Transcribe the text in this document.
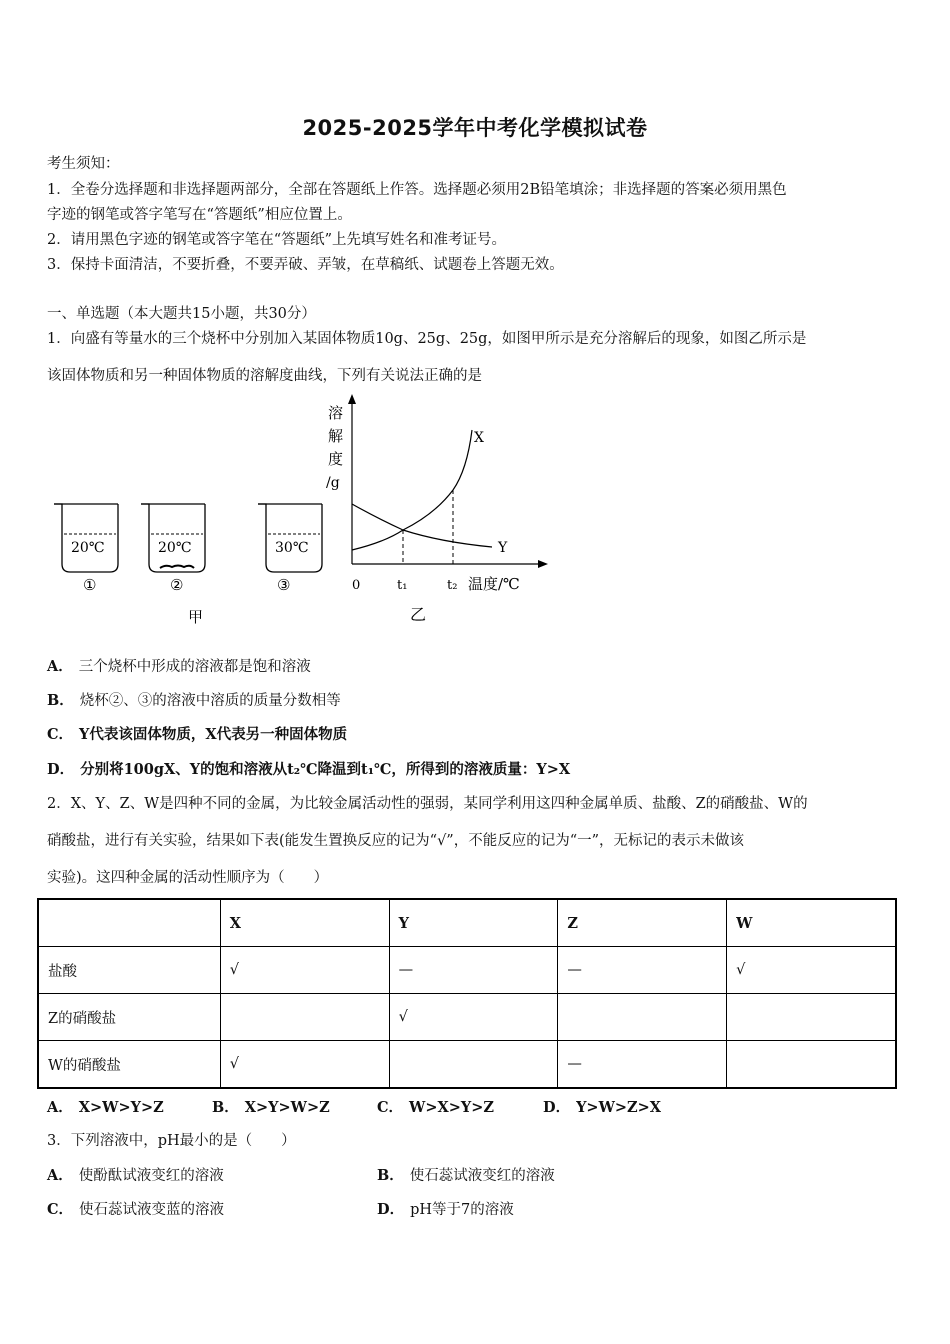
2025-2025学年中考化学模拟试卷
考生须知：
1．全卷分选择题和非选择题两部分，全部在答题纸上作答。选择题必须用2B铅笔填涂；非选择题的答案必须用黑色
字迹的钢笔或答字笔写在“答题纸”相应位置上。
2．请用黑色字迹的钢笔或答字笔在“答题纸”上先填写姓名和准考证号。
3．保持卡面清洁，不要折叠，不要弄破、弄皱，在草稿纸、试题卷上答题无效。
一、单选题（本大题共15小题，共30分）
1．向盛有等量水的三个烧杯中分别加入某固体物质10g、25g、25g，如图甲所示是充分溶解后的现象，如图乙所示是
该固体物质和另一种固体物质的溶解度曲线，下列有关说法正确的是
20℃
①
20℃
②
30℃
③
甲
溶
解
度
/g
X
Y
0	t₁	t₂ 温度/℃
乙
A． 三个烧杯中形成的溶液都是饱和溶液
B． 烧杯②、③的溶液中溶质的质量分数相等
C． Y代表该固体物质，X代表另一种固体物质
D． 分别将100gX、Y的饱和溶液从t₂℃降温到t₁℃，所得到的溶液质量：Y>X
2．X、Y、Z、W是四种不同的金属，为比较金属活动性的强弱，某同学利用这四种金属单质、盐酸、Z的硝酸盐、W的
硝酸盐，进行有关实验，结果如下表(能发生置换反应的记为“√”，不能反应的记为“一”，无标记的表示未做该
实验)。这四种金属的活动性顺序为（　　）
	X	Y	Z	W
盐酸	√	—	—	√
Z的硝酸盐		√		
W的硝酸盐	√		—	
A． X>W>Y>Z	B． X>Y>W>Z	C． W>X>Y>Z	D． Y>W>Z>X
3．下列溶液中，pH最小的是（　　）
A． 使酚酞试液变红的溶液	B． 使石蕊试液变红的溶液
C． 使石蕊试液变蓝的溶液	D． pH等于7的溶液
